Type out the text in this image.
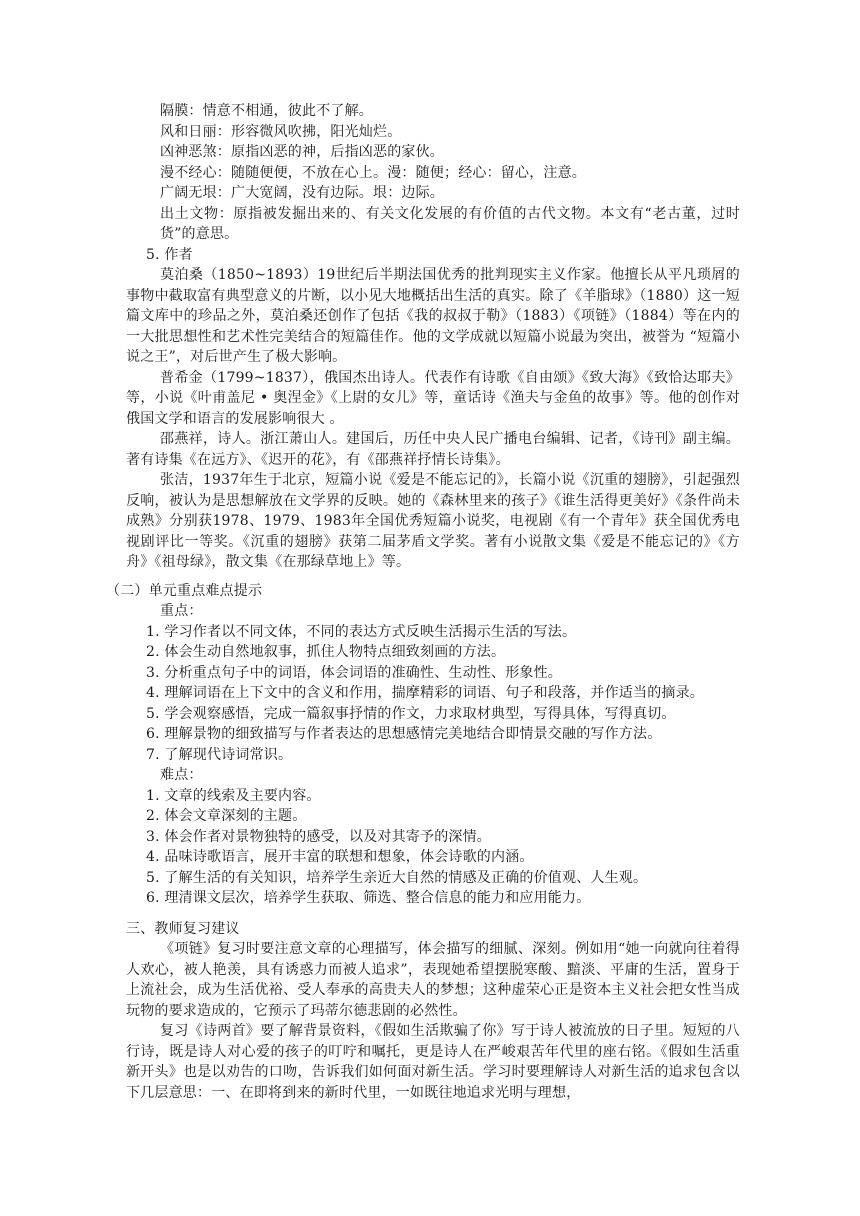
隔膜：情意不相通，彼此不了解。
风和日丽：形容微风吹拂，阳光灿烂。
凶神恶煞：原指凶恶的神，后指凶恶的家伙。
漫不经心：随随便便，不放在心上。漫：随便；经心：留心，注意。
广阔无垠：广大宽阔，没有边际。垠：边际。
出土文物：原指被发掘出来的、有关文化发展的有价值的古代文物。本文有“老古董，过时货”的意思。
5. 作者
莫泊桑（1850~1893）19世纪后半期法国优秀的批判现实主义作家。他擅长从平凡琐屑的事物中截取富有典型意义的片断，以小见大地概括出生活的真实。除了《羊脂球》（1880）这一短篇文库中的珍品之外，莫泊桑还创作了包括《我的叔叔于勒》（1883）《项链》（1884）等在内的一大批思想性和艺术性完美结合的短篇佳作。他的文学成就以短篇小说最为突出，被誉为 “短篇小说之王”，对后世产生了极大影响。
普希金（1799~1837），俄国杰出诗人。代表作有诗歌《自由颂》《致大海》《致恰达耶夫》等，小说《叶甫盖尼 • 奥涅金》《上尉的女儿》等，童话诗《渔夫与金鱼的故事》等。他的创作对俄国文学和语言的发展影响很大 。
邵燕祥，诗人。浙江萧山人。建国后，历任中央人民广播电台编辑、记者，《诗刊》副主编。著有诗集《在远方》、《迟开的花》，有《邵燕祥抒情长诗集》。
张洁，1937年生于北京，短篇小说《爱是不能忘记的》，长篇小说《沉重的翅膀》，引起强烈反响，被认为是思想解放在文学界的反映。她的《森林里来的孩子》《谁生活得更美好》《条件尚未成熟》分别获1978、1979、1983年全国优秀短篇小说奖，电视剧《有一个青年》获全国优秀电视剧评比一等奖。《沉重的翅膀》获第二届茅盾文学奖。著有小说散文集《爱是不能忘记的》《方舟》《祖母绿》，散文集《在那绿草地上》等。
（二）单元重点难点提示
重点：
1. 学习作者以不同文体，不同的表达方式反映生活揭示生活的写法。
2. 体会生动自然地叙事，抓住人物特点细致刻画的方法。
3. 分析重点句子中的词语，体会词语的准确性、生动性、形象性。
4. 理解词语在上下文中的含义和作用，揣摩精彩的词语、句子和段落，并作适当的摘录。
5. 学会观察感悟，完成一篇叙事抒情的作文，力求取材典型，写得具体，写得真切。
6. 理解景物的细致描写与作者表达的思想感情完美地结合即情景交融的写作方法。
7. 了解现代诗词常识。
难点：
1. 文章的线索及主要内容。
2. 体会文章深刻的主题。
3. 体会作者对景物独特的感受，以及对其寄予的深情。
4. 品味诗歌语言，展开丰富的联想和想象，体会诗歌的内涵。
5. 了解生活的有关知识，培养学生亲近大自然的情感及正确的价值观、人生观。
6. 理清课文层次，培养学生获取、筛选、整合信息的能力和应用能力。
三、教师复习建议
《项链》复习时要注意文章的心理描写，体会描写的细腻、深刻。例如用“她一向就向往着得人欢心，被人艳羡，具有诱惑力而被人追求”，表现她希望摆脱寒酸、黯淡、平庸的生活，置身于上流社会，成为生活优裕、受人奉承的高贵夫人的梦想；这种虚荣心正是资本主义社会把女性当成玩物的要求造成的，它预示了玛蒂尔德悲剧的必然性。
复习《诗两首》要了解背景资料，《假如生活欺骗了你》写于诗人被流放的日子里。短短的八行诗，既是诗人对心爱的孩子的叮咛和嘱托，更是诗人在严峻艰苦年代里的座右铭。《假如生活重新开头》也是以劝告的口吻，告诉我们如何面对新生活。学习时要理解诗人对新生活的追求包含以下几层意思：一、在即将到来的新时代里，一如既往地追求光明与理想，
